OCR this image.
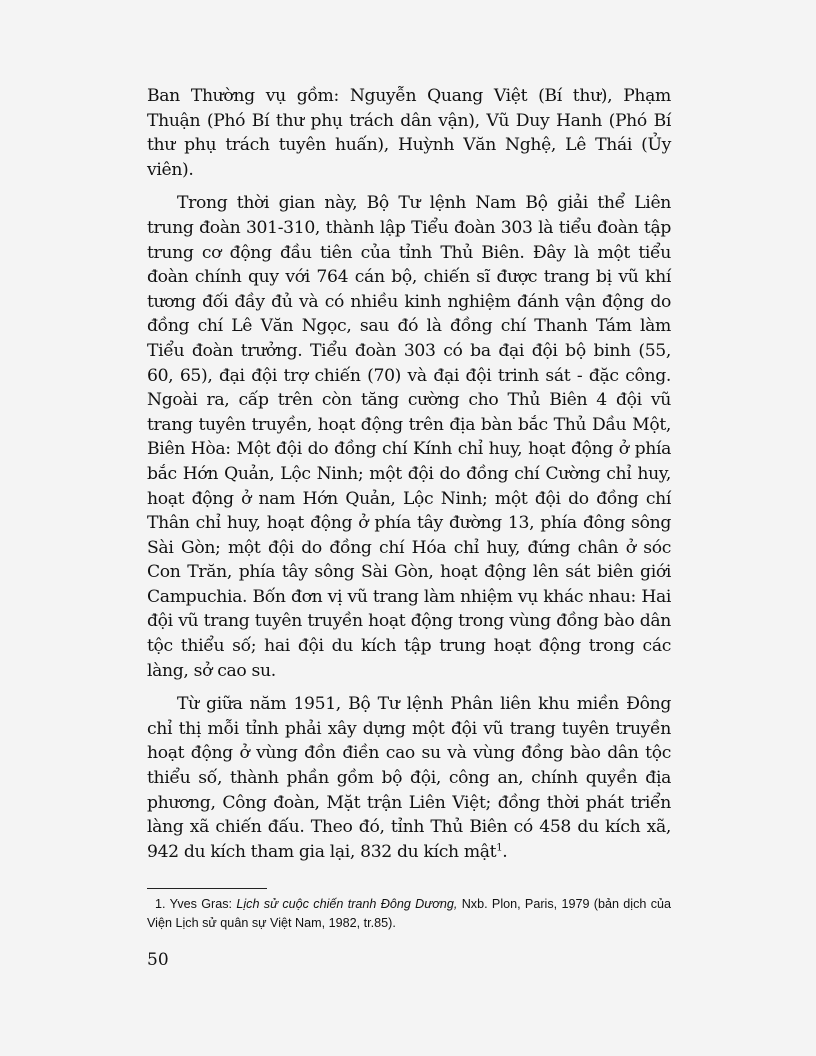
Ban Thường vụ gồm: Nguyễn Quang Việt (Bí thư), Phạm Thuận (Phó Bí thư phụ trách dân vận), Vũ Duy Hanh (Phó Bí thư phụ trách tuyên huấn), Huỳnh Văn Nghệ, Lê Thái (Ủy viên).

Trong thời gian này, Bộ Tư lệnh Nam Bộ giải thể Liên trung đoàn 301-310, thành lập Tiểu đoàn 303 là tiểu đoàn tập trung cơ động đầu tiên của tỉnh Thủ Biên. Đây là một tiểu đoàn chính quy với 764 cán bộ, chiến sĩ được trang bị vũ khí tương đối đầy đủ và có nhiều kinh nghiệm đánh vận động do đồng chí Lê Văn Ngọc, sau đó là đồng chí Thanh Tám làm Tiểu đoàn trưởng. Tiểu đoàn 303 có ba đại đội bộ binh (55, 60, 65), đại đội trợ chiến (70) và đại đội trinh sát - đặc công. Ngoài ra, cấp trên còn tăng cường cho Thủ Biên 4 đội vũ trang tuyên truyền, hoạt động trên địa bàn bắc Thủ Dầu Một, Biên Hòa: Một đội do đồng chí Kính chỉ huy, hoạt động ở phía bắc Hớn Quản, Lộc Ninh; một đội do đồng chí Cường chỉ huy, hoạt động ở nam Hớn Quản, Lộc Ninh; một đội do đồng chí Thân chỉ huy, hoạt động ở phía tây đường 13, phía đông sông Sài Gòn; một đội do đồng chí Hóa chỉ huy, đứng chân ở sóc Con Trăn, phía tây sông Sài Gòn, hoạt động lên sát biên giới Campuchia. Bốn đơn vị vũ trang làm nhiệm vụ khác nhau: Hai đội vũ trang tuyên truyền hoạt động trong vùng đồng bào dân tộc thiểu số; hai đội du kích tập trung hoạt động trong các làng, sở cao su.

Từ giữa năm 1951, Bộ Tư lệnh Phân liên khu miền Đông chỉ thị mỗi tỉnh phải xây dựng một đội vũ trang tuyên truyền hoạt động ở vùng đồn điền cao su và vùng đồng bào dân tộc thiểu số, thành phần gồm bộ đội, công an, chính quyền địa phương, Công đoàn, Mặt trận Liên Việt; đồng thời phát triển làng xã chiến đấu. Theo đó, tỉnh Thủ Biên có 458 du kích xã, 942 du kích tham gia lại, 832 du kích mật$^1$.

1. Yves Gras: Lịch sử cuộc chiến tranh Đông Dương, Nxb. Plon, Paris, 1979 (bản dịch của Viện Lịch sử quân sự Việt Nam, 1982, tr.85).

50
